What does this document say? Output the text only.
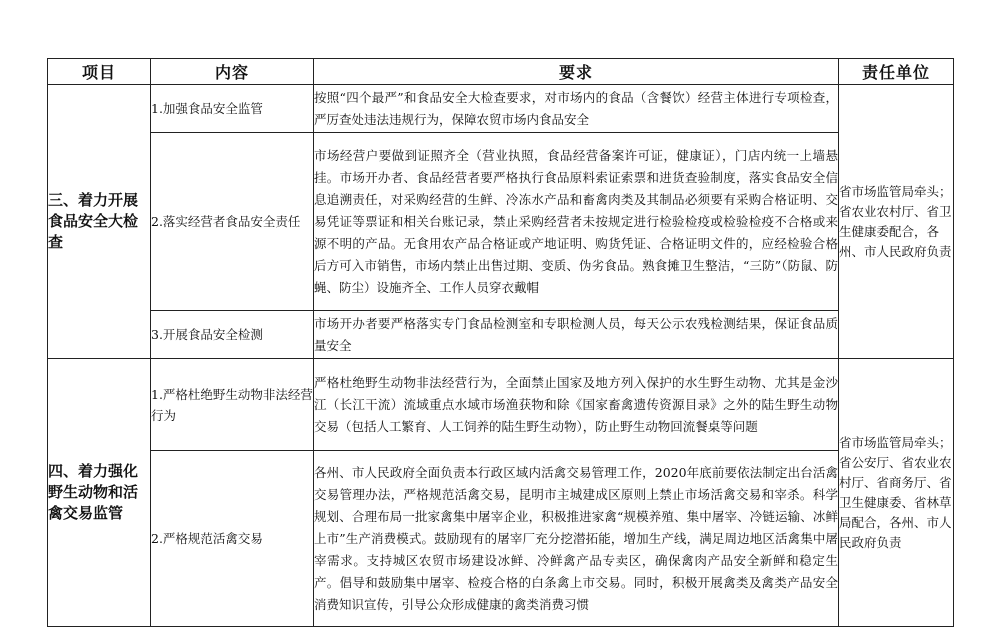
项目	内容	要求	责任单位
三、着力开展食品安全大检查	1.加强食品安全监管	按照“四个最严”和食品安全大检查要求，对市场内的食品（含餐饮）经营主体进行专项检查，严厉查处违法违规行为，保障农贸市场内食品安全	省市场监管局牵头；省农业农村厅、省卫生健康委配合，各州、市人民政府负责
	2.落实经营者食品安全责任	市场经营户要做到证照齐全（营业执照，食品经营备案许可证，健康证），门店内统一上墙悬挂。市场开办者、食品经营者要严格执行食品原料索证索票和进货查验制度，落实食品安全信息追溯责任，对采购经营的生鲜、冷冻水产品和畜禽肉类及其制品必须要有采购合格证明、交易凭证等票证和相关台账记录，禁止采购经营者未按规定进行检验检疫或检验检疫不合格或来源不明的产品。无食用农产品合格证或产地证明、购货凭证、合格证明文件的，应经检验合格后方可入市销售，市场内禁止出售过期、变质、伪劣食品。熟食摊卫生整洁，“三防”（防鼠、防蝇、防尘）设施齐全、工作人员穿衣戴帽	
	3.开展食品安全检测	市场开办者要严格落实专门食品检测室和专职检测人员，每天公示农残检测结果，保证食品质量安全	
四、着力强化野生动物和活禽交易监管	1.严格杜绝野生动物非法经营行为	严格杜绝野生动物非法经营行为，全面禁止国家及地方列入保护的水生野生动物、尤其是金沙江（长江干流）流域重点水域市场渔获物和除《国家畜禽遗传资源目录》之外的陆生野生动物交易（包括人工繁育、人工饲养的陆生野生动物），防止野生动物回流餐桌等问题	省市场监管局牵头；省公安厅、省农业农村厅、省商务厅、省卫生健康委、省林草局配合，各州、市人民政府负责
	2.严格规范活禽交易	各州、市人民政府全面负责本行政区域内活禽交易管理工作，2020年底前要依法制定出台活禽交易管理办法，严格规范活禽交易，昆明市主城建成区原则上禁止市场活禽交易和宰杀。科学规划、合理布局一批家禽集中屠宰企业，积极推进家禽“规模养殖、集中屠宰、冷链运输、冰鲜上市”生产消费模式。鼓励现有的屠宰厂充分挖潜拓能，增加生产线，满足周边地区活禽集中屠宰需求。支持城区农贸市场建设冰鲜、冷鲜禽产品专卖区，确保禽肉产品安全新鲜和稳定生产。倡导和鼓励集中屠宰、检疫合格的白条禽上市交易。同时，积极开展禽类及禽类产品安全消费知识宣传，引导公众形成健康的禽类消费习惯	
